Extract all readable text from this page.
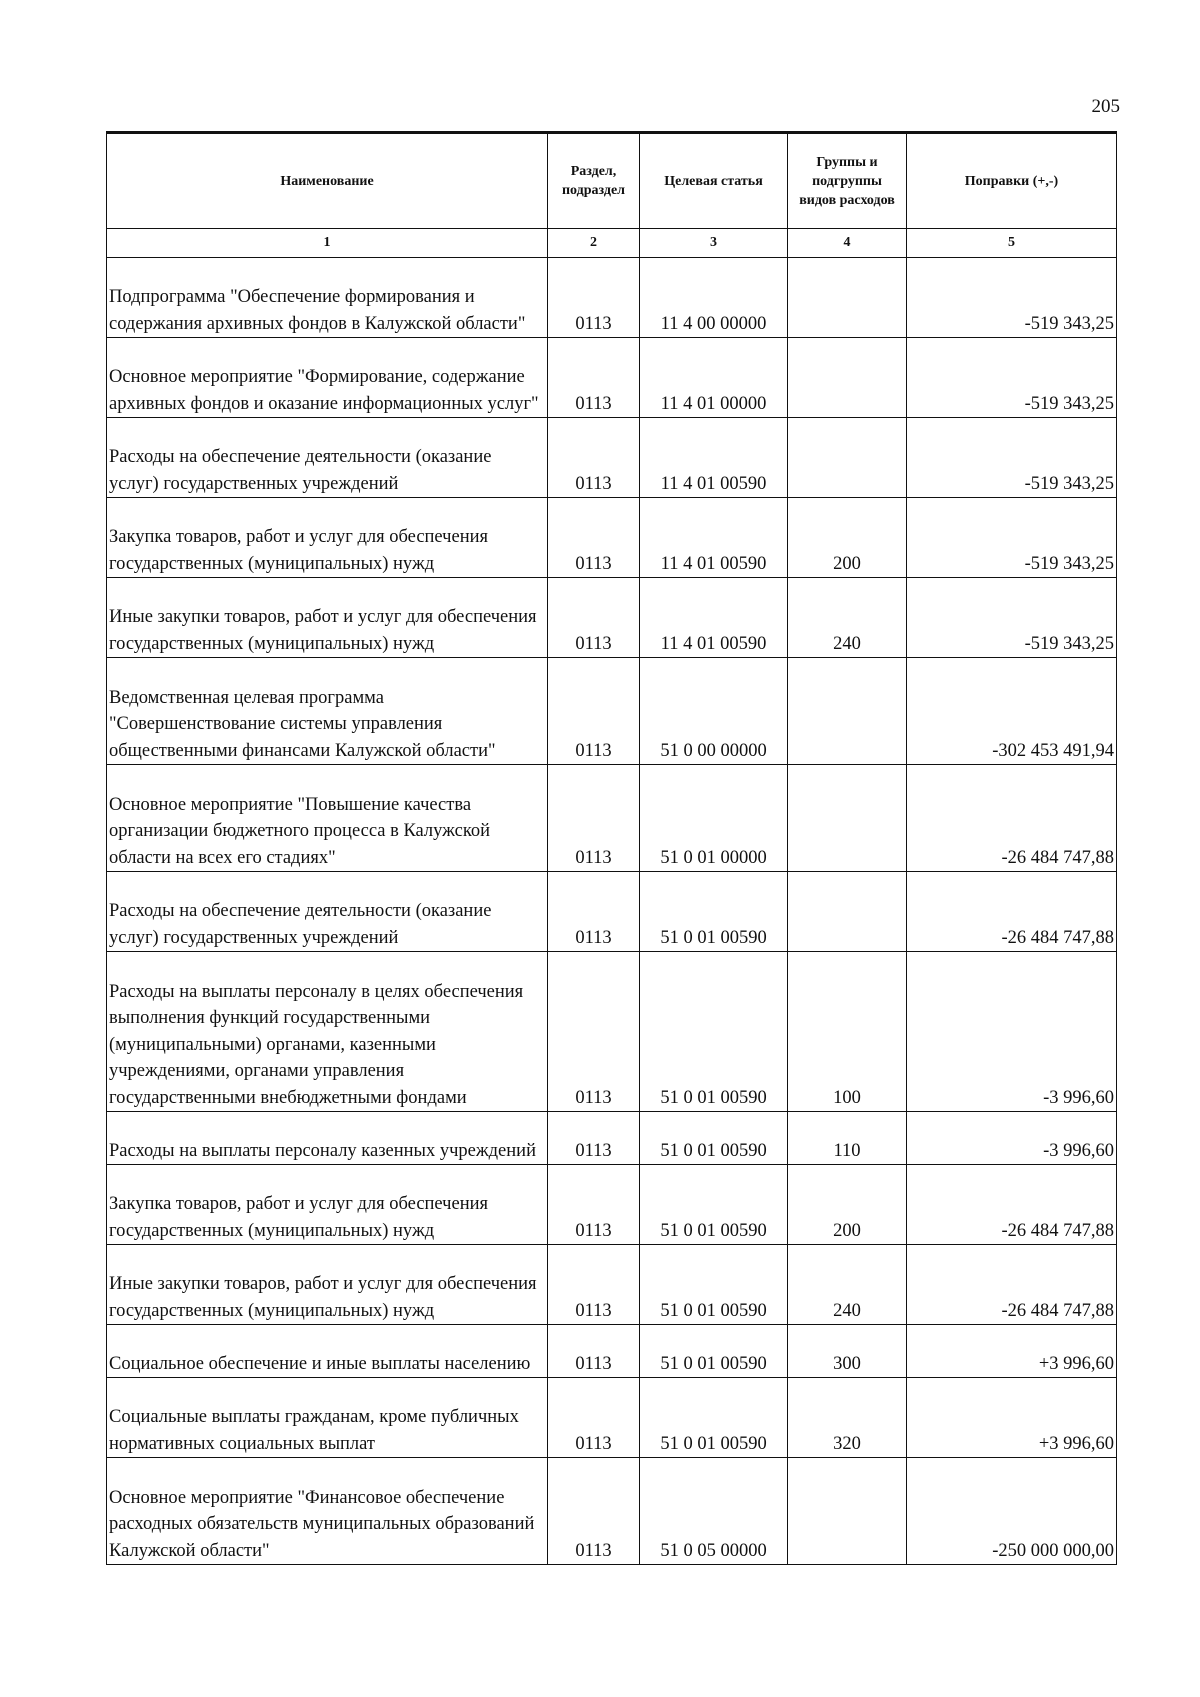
205
Наименование	Раздел, подраздел	Целевая статья	Группы и подгруппы видов расходов	Поправки (+,-)
1	2	3	4	5
Подпрограмма "Обеспечение формирования и содержания архивных фондов в Калужской области"	0113	11 4 00 00000		-519 343,25
Основное мероприятие "Формирование, содержание архивных фондов и оказание информационных услуг"	0113	11 4 01 00000		-519 343,25
Расходы на обеспечение деятельности (оказание услуг) государственных учреждений	0113	11 4 01 00590		-519 343,25
Закупка товаров, работ и услуг для обеспечения государственных (муниципальных) нужд	0113	11 4 01 00590	200	-519 343,25
Иные закупки товаров, работ и услуг для обеспечения государственных (муниципальных) нужд	0113	11 4 01 00590	240	-519 343,25
Ведомственная целевая программа "Совершенствование системы управления общественными финансами Калужской области"	0113	51 0 00 00000		-302 453 491,94
Основное мероприятие "Повышение качества организации бюджетного процесса в Калужской области на всех его стадиях"	0113	51 0 01 00000		-26 484 747,88
Расходы на обеспечение деятельности (оказание услуг) государственных учреждений	0113	51 0 01 00590		-26 484 747,88
Расходы на выплаты персоналу в целях обеспечения выполнения функций государственными (муниципальными) органами, казенными учреждениями, органами управления государственными внебюджетными фондами	0113	51 0 01 00590	100	-3 996,60
Расходы на выплаты персоналу казенных учреждений	0113	51 0 01 00590	110	-3 996,60
Закупка товаров, работ и услуг для обеспечения государственных (муниципальных) нужд	0113	51 0 01 00590	200	-26 484 747,88
Иные закупки товаров, работ и услуг для обеспечения государственных (муниципальных) нужд	0113	51 0 01 00590	240	-26 484 747,88
Социальное обеспечение и иные выплаты населению	0113	51 0 01 00590	300	+3 996,60
Социальные выплаты гражданам, кроме публичных нормативных социальных выплат	0113	51 0 01 00590	320	+3 996,60
Основное мероприятие "Финансовое обеспечение расходных обязательств муниципальных образований Калужской области"	0113	51 0 05 00000		-250 000 000,00
